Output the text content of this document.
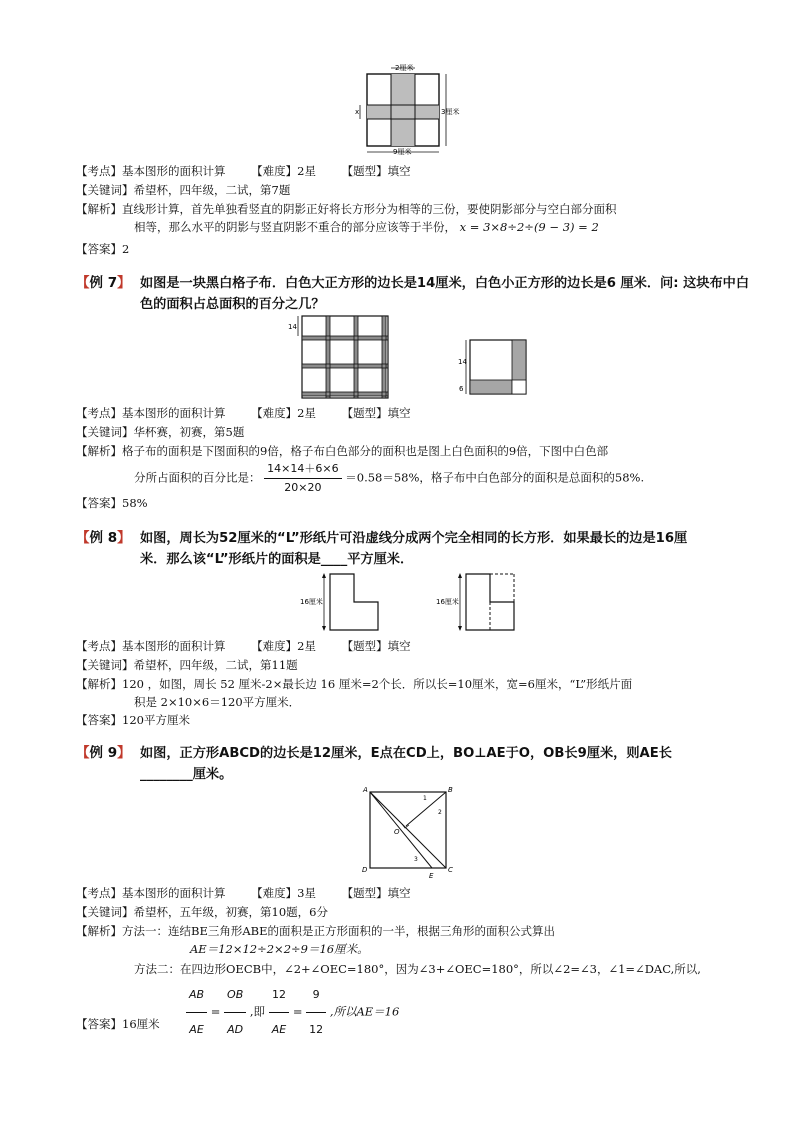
2厘米
3厘米
9厘米
x
【考点】基本图形的面积计算 【难度】2星 【题型】填空
【关键词】希望杯，四年级，二试，第7题
【解析】直线形计算，首先单独看竖直的阴影正好将长方形分为相等的三份，要使阴影部分与空白部分面积
相等，那么水平的阴影与竖直阴影不重合的部分应该等于半份， x = 3×8÷2÷(9 − 3) = 2
【答案】2
【例 7】 如图是一块黑白格子布．白色大正方形的边长是14厘米，白色小正方形的边长是6 厘米．问: 这块布中白色的面积占总面积的百分之几？
14
14
6
【考点】基本图形的面积计算 【难度】2星 【题型】填空
【关键词】华杯赛，初赛，第5题
【解析】格子布的面积是下图面积的9倍，格子布白色部分的面积也是图上白色面积的9倍，下图中白色部
分所占面积的百分比是： $\frac{14\times 14+6\times 6}{20\times 20} =0.58=58\%$，格子布中白色部分的面积是总面积的58%.
【答案】58%
【例 8】 如图，周长为52厘米的“L”形纸片可沿虚线分成两个完全相同的长方形．如果最长的边是16厘
米．那么该“L”形纸片的面积是____平方厘米．
16厘米	16厘米
【考点】基本图形的面积计算 【难度】2星 【题型】填空
【关键词】希望杯，四年级，二试，第11题
【解析】120 ，如图，周长 52 厘米-2×最长边 16 厘米=2个长．所以长=10厘米，宽=6厘米，“L”形纸片面
积是 2×10×6＝120平方厘米．
【答案】120平方厘米
【例 9】 如图，正方形ABCD的边长是12厘米，E点在CD上，BO⊥AE于O，OB长9厘米，则AE长
________厘米。
A	B
C
D
E
O
1
2
3
【考点】基本图形的面积计算 【难度】3星 【题型】填空
【关键词】希望杯，五年级，初赛，第10题，6分
【解析】方法一：连结BE三角形ABE的面积是正方形面积的一半，根据三角形的面积公式算出
AE＝12×12÷2×2÷9＝16厘米。
方法二：在四边形OECB中，∠2+∠OEC=180°，因为∠3+∠OEC=180°，所以∠2=∠3，∠1=∠DAC,所以,
$\frac{AB}{AE} = \frac{OB}{AD}$ ,即 $\frac{12}{AE} = \frac{9}{12}$ ,所以AE＝16
【答案】16厘米
